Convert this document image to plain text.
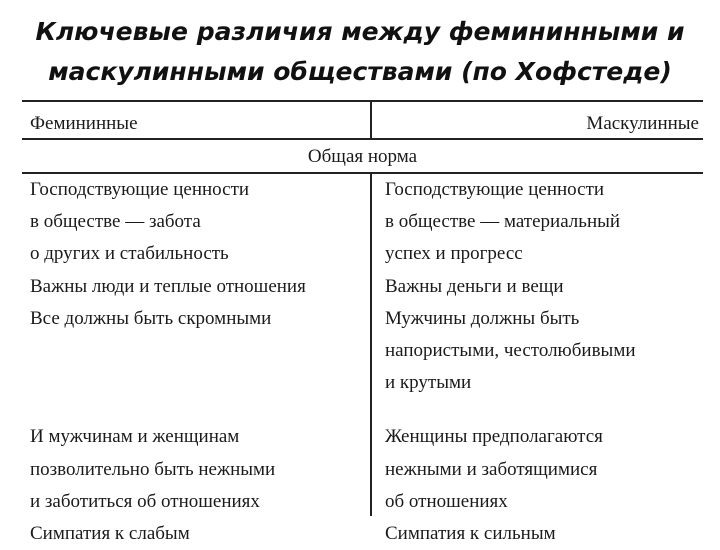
Ключевые различия между фемининными и
маскулинными обществами (по Хофстеде)
Фемининные	Маскулинные
Общая норма
Господствующие ценности
в обществе — забота
о других и стабильность
Важны люди и теплые отношения
Все должны быть скромными
И мужчинам и женщинам
позволительно быть нежными
и заботиться об отношениях
Симпатия к слабым
Господствующие ценности
в обществе — материальный
успех и прогресс
Важны деньги и вещи
Мужчины должны быть
напористыми, честолюбивыми
и крутыми
Женщины предполагаются
нежными и заботящимися
об отношениях
Симпатия к сильным
